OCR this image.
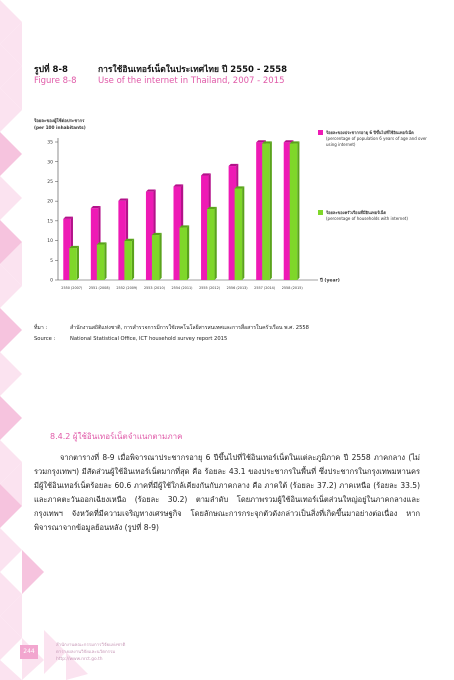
รูปที่ 8-8	การใช้อินเทอร์เน็ตในประเทศไทย ปี 2550 - 2558
Figure 8-8	Use of the internet in Thailand, 2007 - 2015
ร้อยละของผู้ใช้ต่อประชากร
(per 100 inhabitants)
0
5
10
15
20
25
30
35
2550 (2007) 2551 (2008) 2552 (2009) 2553 (2010) 2554 (2011) 2555 (2012) 2556 (2013) 2557 (2014) 2558 (2015)
ปี (year)
ร้อยละของประชากรอายุ 6 ปีขึ้นไปที่ใช้อินเทอร์เน็ต
(percentage of population 6 years of age and over using internet)
ร้อยละของครัวเรือนที่มีอินเทอร์เน็ต
(percentage of households with internet)
ที่มา :	สำนักงานสถิติแห่งชาติ, การสำรวจการมีการใช้เทคโนโลยีสารสนเทศและการสื่อสารในครัวเรือน พ.ศ. 2558
Source :	National Statistical Office, ICT household survey report 2015
8.4.2 ผู้ใช้อินเทอร์เน็ตจำแนกตามภาค
จากตารางที่ 8-9 เมื่อพิจารณาประชากรอายุ 6 ปีขึ้นไปที่ใช้อินเทอร์เน็ตในแต่ละภูมิภาค ปี 2558 ภาคกลาง (ไม่รวมกรุงเทพฯ) มีสัดส่วนผู้ใช้อินเทอร์เน็ตมากที่สุด คือ ร้อยละ 43.1 ของประชากรในพื้นที่ ซึ่งประชากรในกรุงเทพมหานครมีผู้ใช้อินเทอร์เน็ตร้อยละ 60.6 ภาคที่มีผู้ใช้ใกล้เคียงกันกับภาคกลาง คือ ภาคใต้ (ร้อยละ 37.2) ภาคเหนือ (ร้อยละ 33.5) และภาคตะวันออกเฉียงเหนือ (ร้อยละ 30.2) ตามลำดับ โดยภาพรวมผู้ใช้อินเทอร์เน็ตส่วนใหญ่อยู่ในภาคกลางและกรุงเทพฯ จังหวัดที่มีความเจริญทางเศรษฐกิจ โดยลักษณะการกระจุกตัวดังกล่าวเป็นสิ่งที่เกิดขึ้นมาอย่างต่อเนื่อง หากพิจารณาจากข้อมูลย้อนหลัง (รูปที่ 8-9)
244
สำนักงานคณะกรรมการวิจัยแห่งชาติ
ตารางผลงานวิจัยและนวัตกรรม
http://www.nrct.go.th
